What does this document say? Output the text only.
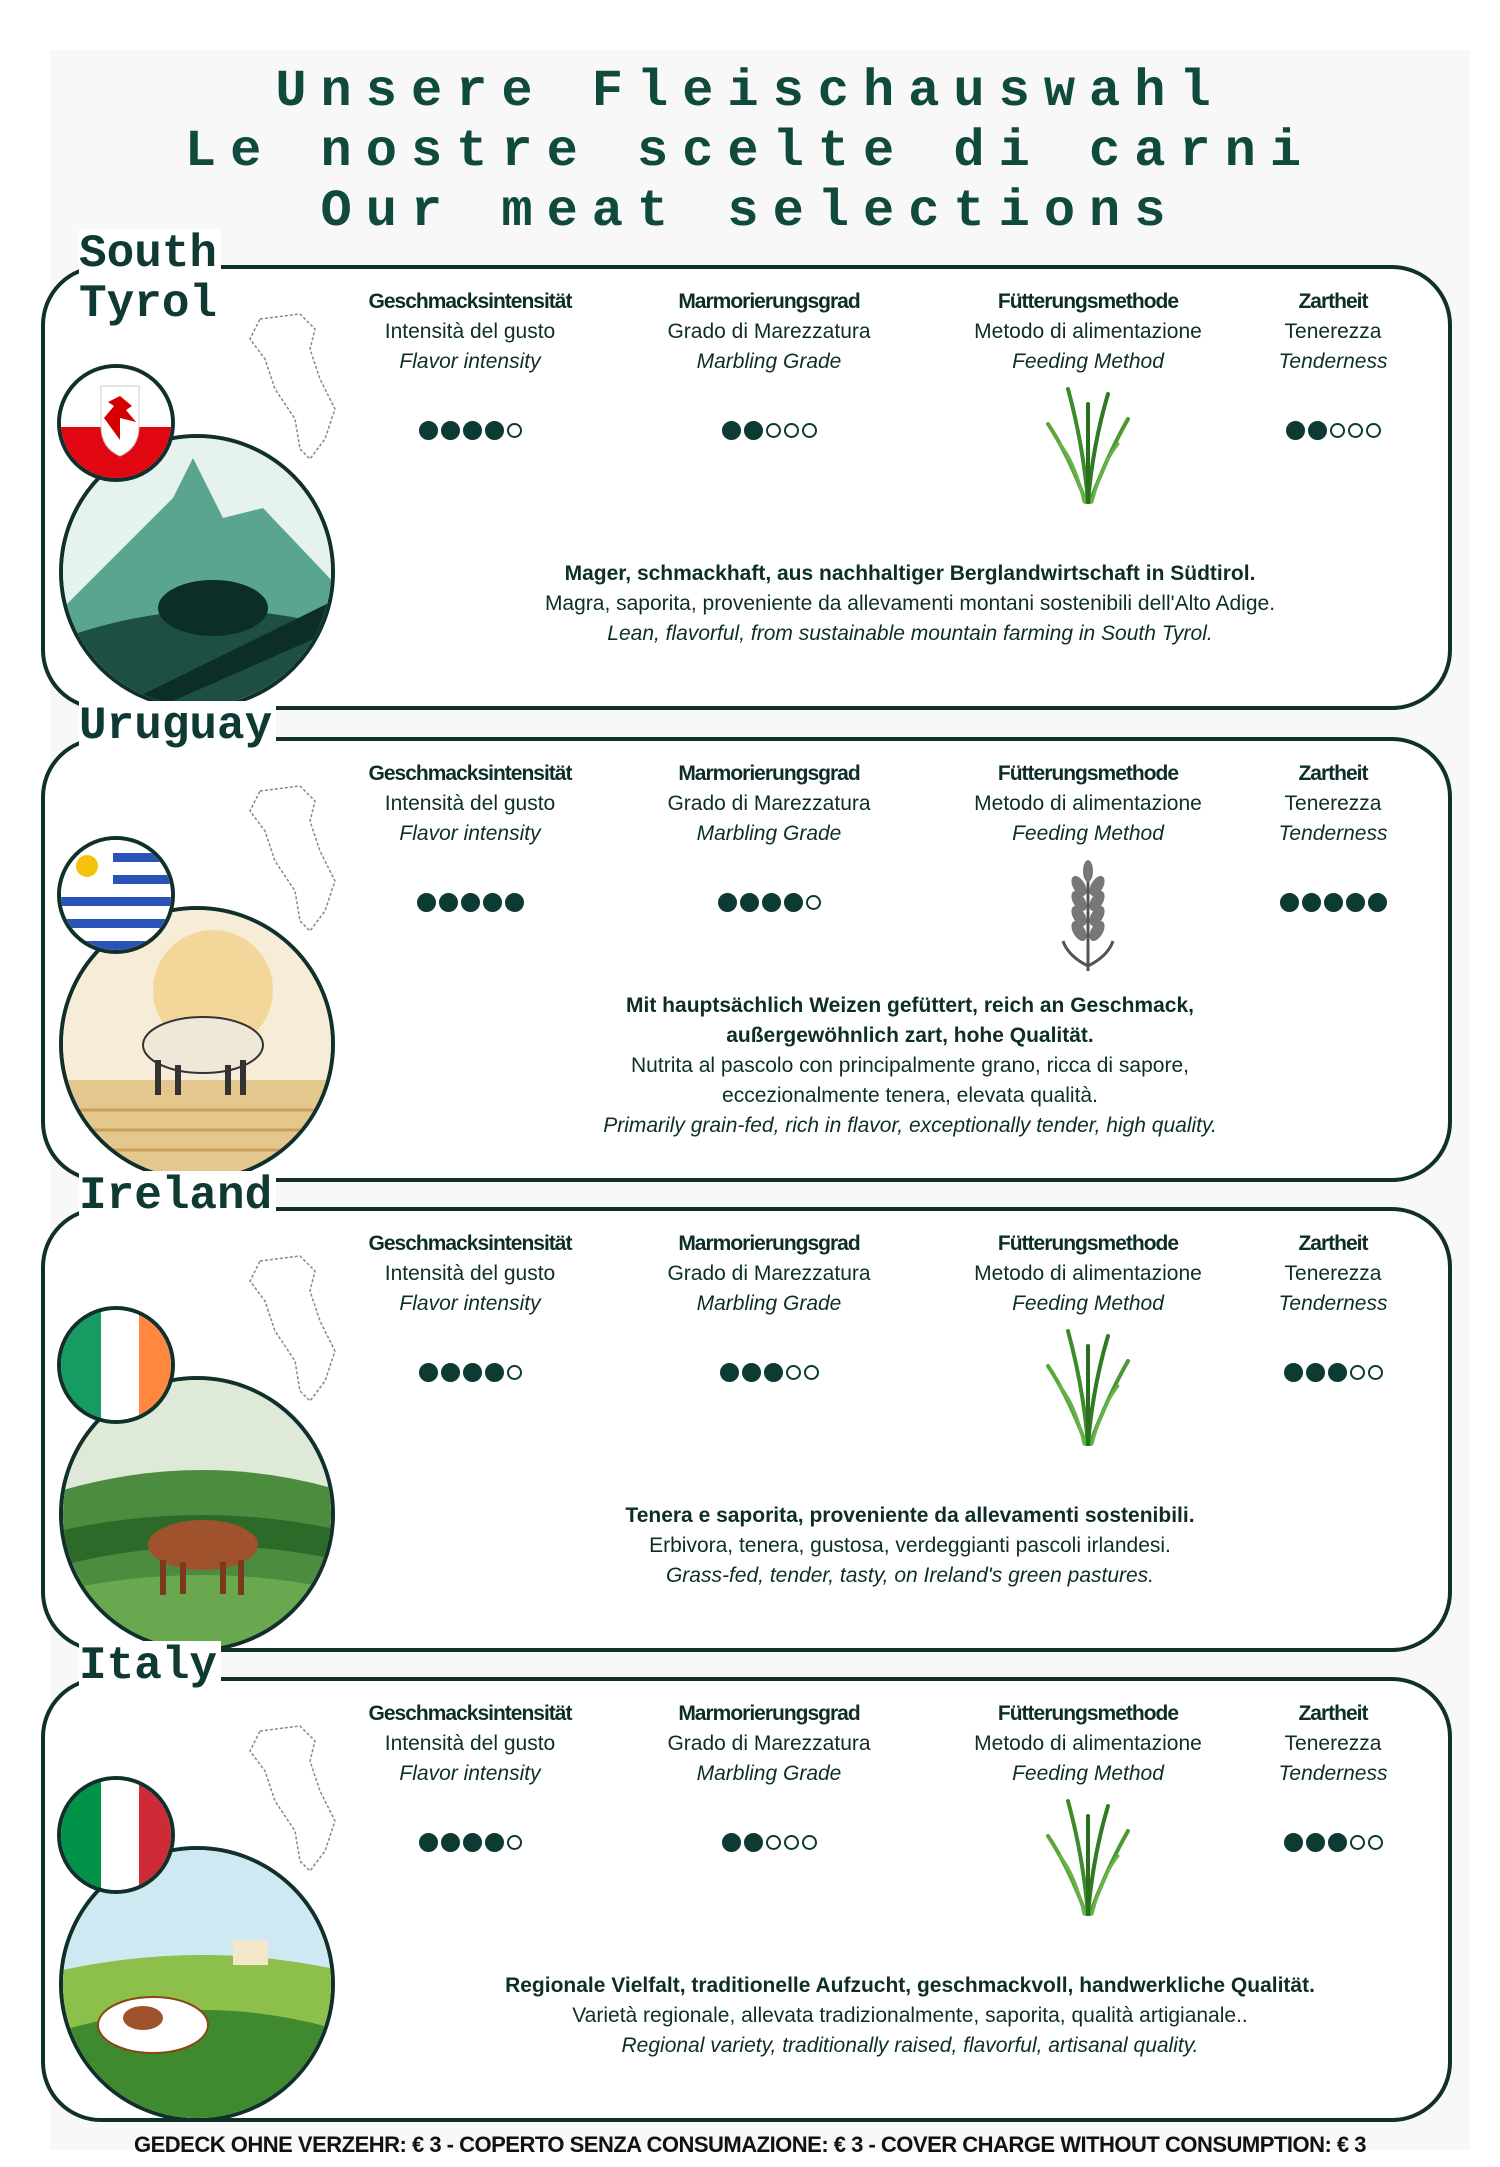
Unsere Fleischauswahl
Le nostre scelte di carni
Our meat selections
South
Tyrol	Geschmacksintensität
Intensità del gusto
Flavor intensity
Marmorierungsgrad
Grado di Marezzatura
Marbling Grade
Fütterungsmethode
Metodo di alimentazione
Feeding Method
Zartheit
Tenerezza
Tenderness
Mager, schmackhaft, aus nachhaltiger Berglandwirtschaft in Südtirol.
Magra, saporita, proveniente da allevamenti montani sostenibili dell'Alto Adige.
Lean, flavorful, from sustainable mountain farming in South Tyrol.
Uruguay
Geschmacksintensität
Intensità del gusto
Flavor intensity
Marmorierungsgrad
Grado di Marezzatura
Marbling Grade
Fütterungsmethode
Metodo di alimentazione
Feeding Method
Zartheit
Tenerezza
Tenderness
Mit hauptsächlich Weizen gefüttert, reich an Geschmack,
außergewöhnlich zart, hohe Qualität.
Nutrita al pascolo con principalmente grano, ricca di sapore,
eccezionalmente tenera, elevata qualità.
Primarily grain-fed, rich in flavor, exceptionally tender, high quality.
Ireland
Geschmacksintensität
Intensità del gusto
Flavor intensity
Marmorierungsgrad
Grado di Marezzatura
Marbling Grade
Fütterungsmethode
Metodo di alimentazione
Feeding Method
Zartheit
Tenerezza
Tenderness
Tenera e saporita, proveniente da allevamenti sostenibili.
Erbivora, tenera, gustosa, verdeggianti pascoli irlandesi.
Grass-fed, tender, tasty, on Ireland's green pastures.
Italy
Geschmacksintensität
Intensità del gusto
Flavor intensity
Marmorierungsgrad
Grado di Marezzatura
Marbling Grade
Fütterungsmethode
Metodo di alimentazione
Feeding Method
Zartheit
Tenerezza
Tenderness
Regionale Vielfalt, traditionelle Aufzucht, geschmackvoll, handwerkliche Qualität.
Varietà regionale, allevata tradizionalmente, saporita, qualità artigianale..
Regional variety, traditionally raised, flavorful, artisanal quality.
GEDECK OHNE VERZEHR: € 3 - COPERTO SENZA CONSUMAZIONE: € 3 - COVER CHARGE WITHOUT CONSUMPTION: € 3
